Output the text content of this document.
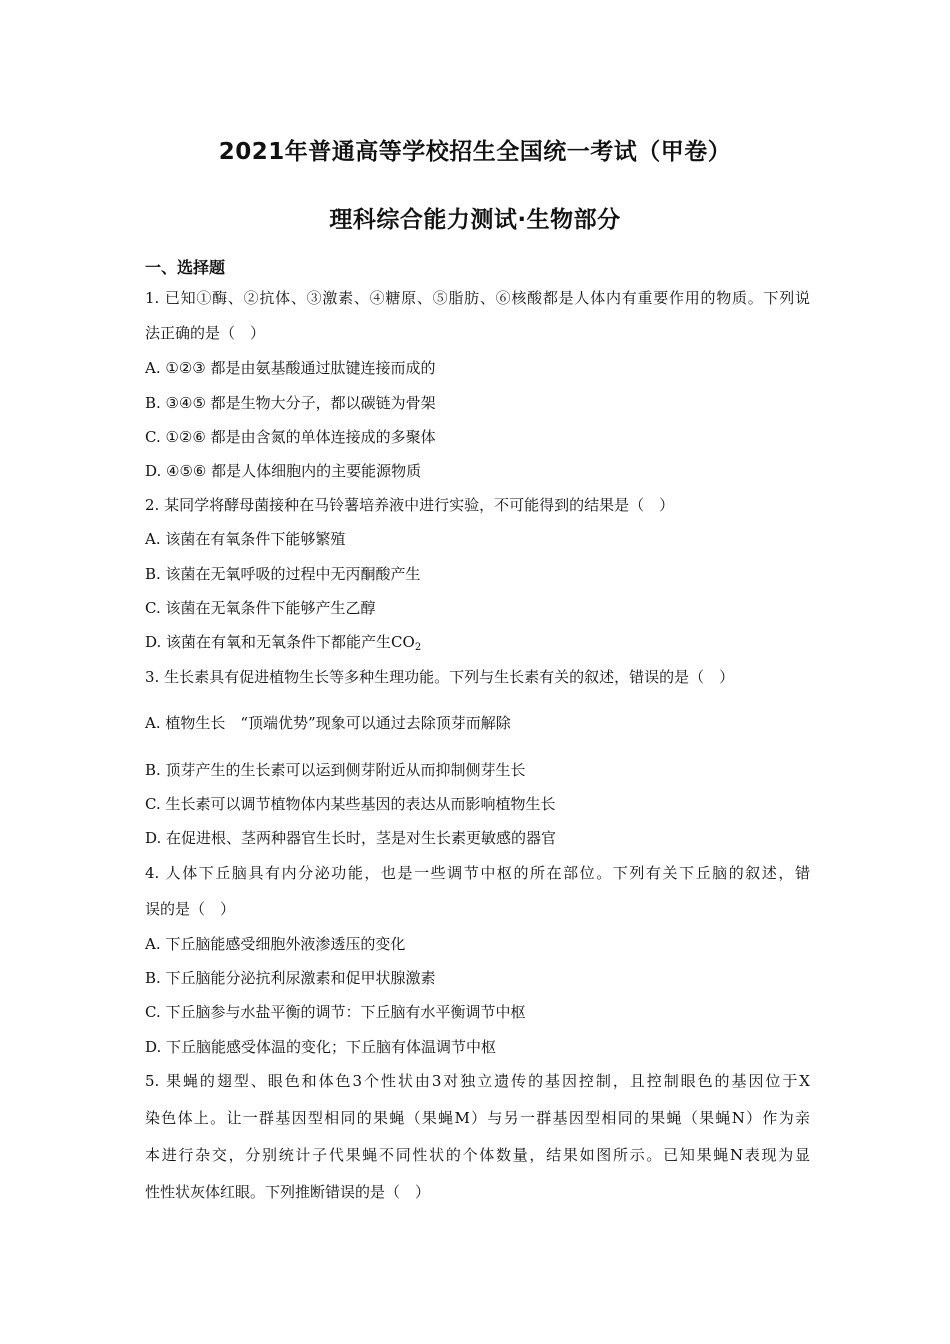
2021年普通高等学校招生全国统一考试（甲卷）
理科综合能力测试·生物部分
一、选择题
1. 已知①酶、②抗体、③激素、④糖原、⑤脂肪、⑥核酸都是人体内有重要作用的物质。下列说
法正确的是（　）
A. ①②③ 都是由氨基酸通过肽键连接而成的
B. ③④⑤ 都是生物大分子，都以碳链为骨架
C. ①②⑥ 都是由含氮的单体连接成的多聚体
D. ④⑤⑥ 都是人体细胞内的主要能源物质
2. 某同学将酵母菌接种在马铃薯培养液中进行实验，不可能得到的结果是（　）
A. 该菌在有氧条件下能够繁殖
B. 该菌在无氧呼吸的过程中无丙酮酸产生
C. 该菌在无氧条件下能够产生乙醇
D. 该菌在有氧和无氧条件下都能产生$CO_2$
3. 生长素具有促进植物生长等多种生理功能。下列与生长素有关的叙述，错误的是（　）
A. 植物生长　“顶端优势”现象可以通过去除顶芽而解除
B. 顶芽产生的生长素可以运到侧芽附近从而抑制侧芽生长
C. 生长素可以调节植物体内某些基因的表达从而影响植物生长
D. 在促进根、茎两种器官生长时，茎是对生长素更敏感的器官
4. 人体下丘脑具有内分泌功能，也是一些调节中枢的所在部位。下列有关下丘脑的叙述，错
误的是（　）
A. 下丘脑能感受细胞外液渗透压的变化
B. 下丘脑能分泌抗利尿激素和促甲状腺激素
C. 下丘脑参与水盐平衡的调节：下丘脑有水平衡调节中枢
D. 下丘脑能感受体温的变化；下丘脑有体温调节中枢
5. 果蝇的翅型、眼色和体色3个性状由3对独立遗传的基因控制，且控制眼色的基因位于X
染色体上。让一群基因型相同的果蝇（果蝇M）与另一群基因型相同的果蝇（果蝇N）作为亲
本进行杂交，分别统计子代果蝇不同性状的个体数量，结果如图所示。已知果蝇N表现为显
性性状灰体红眼。下列推断错误的是（　）
